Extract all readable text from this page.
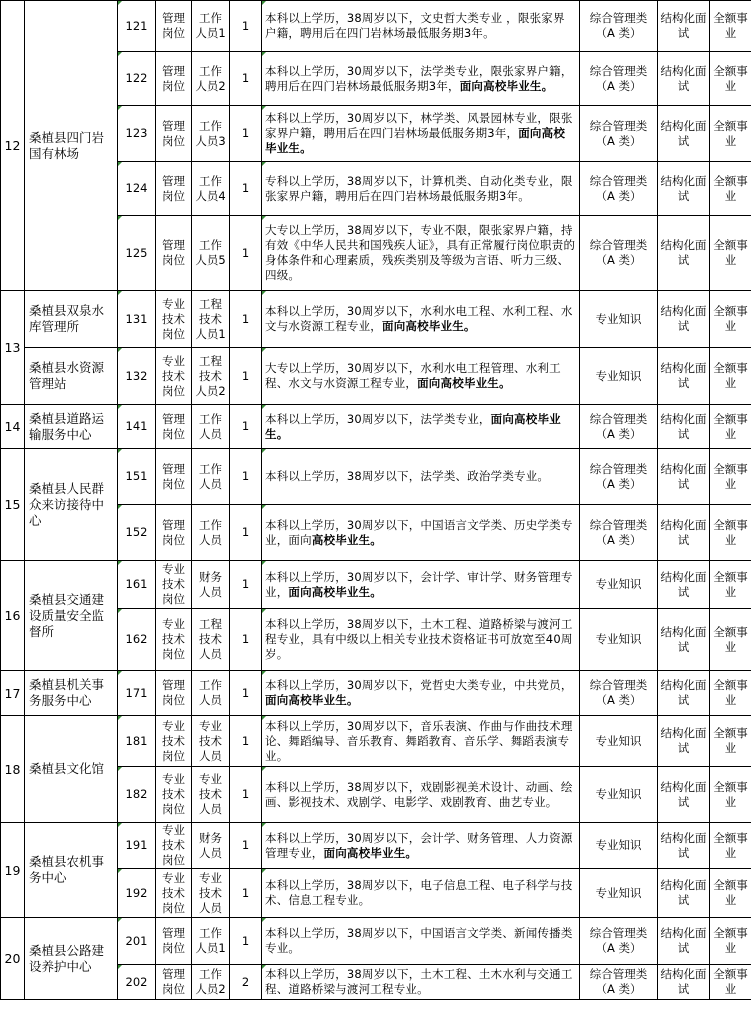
12	桑植县四门岩国有林场	121	管理岗位	工作人员1	1	本科以上学历，38周岁以下，文史哲大类专业 ，限张家界户籍，聘用后在四门岩林场最低服务期3年。	综合管理类（A 类）	结构化面试	全额事业
		122	管理岗位	工作人员2	1	本科以上学历，30周岁以下，法学类专业，限张家界户籍，聘用后在四门岩林场最低服务期3年，面向高校毕业生。	综合管理类（A 类）	结构化面试	全额事业
		123	管理岗位	工作人员3	1	本科以上学历，30周岁以下，林学类、风景园林专业，限张家界户籍，聘用后在四门岩林场最低服务期3年，面向高校毕业生。	综合管理类（A 类）	结构化面试	全额事业
		124	管理岗位	工作人员4	1	专科以上学历，38周岁以下，计算机类、自动化类专业，限张家界户籍，聘用后在四门岩林场最低服务期3年。	综合管理类（A 类）	结构化面试	全额事业
		125	管理岗位	工作人员5	1	大专以上学历，38周岁以下，专业不限，限张家界户籍，持有效《中华人民共和国残疾人证》，具有正常履行岗位职责的身体条件和心理素质，残疾类别及等级为言语、听力三级、四级。	综合管理类（A 类）	结构化面试	全额事业
13	桑植县双泉水库管理所	131	专业技术岗位	工程技术人员1	1	本科以上学历，30周岁以下，水利水电工程、水利工程、水文与水资源工程专业，面向高校毕业生。	专业知识	结构化面试	全额事业
	桑植县水资源管理站	132	专业技术岗位	工程技术人员2	1	大专以上学历，30周岁以下，水利水电工程管理、水利工程、水文与水资源工程专业，面向高校毕业生。	专业知识	结构化面试	全额事业
14	桑植县道路运输服务中心	141	管理岗位	工作人员	1	本科以上学历，30周岁以下，法学类专业，面向高校毕业生。	综合管理类（A 类）	结构化面试	全额事业
15	桑植县人民群众来访接待中心	151	管理岗位	工作人员	1	本科以上学历，38周岁以下，法学类、政治学类专业。	综合管理类（A 类）	结构化面试	全额事业
		152	管理岗位	工作人员	1	本科以上学历，30周岁以下，中国语言文学类、历史学类专业，面向高校毕业生。	综合管理类（A 类）	结构化面试	全额事业
16	桑植县交通建设质量安全监督所	161	专业技术岗位	财务人员	1	本科以上学历，30周岁以下，会计学、审计学、财务管理专业，面向高校毕业生。	专业知识	结构化面试	全额事业
		162	专业技术岗位	工程技术人员	1	本科以上学历，38周岁以下，土木工程、道路桥梁与渡河工程专业，具有中级以上相关专业技术资格证书可放宽至40周岁。	专业知识	结构化面试	全额事业
17	桑植县机关事务服务中心	171	管理岗位	工作人员	1	本科以上学历，30周岁以下，党哲史大类专业，中共党员，面向高校毕业生。	综合管理类（A 类）	结构化面试	全额事业
18	桑植县文化馆	181	专业技术岗位	专业技术人员	1	本科以上学历，30周岁以下，音乐表演、作曲与作曲技术理论、舞蹈编导、音乐教育、舞蹈教育、音乐学、舞蹈表演专业。	专业知识	结构化面试	全额事业
		182	专业技术岗位	专业技术人员	1	本科以上学历，38周岁以下，戏剧影视美术设计、动画、绘画、影视技术、戏剧学、电影学、戏剧教育、曲艺专业。	专业知识	结构化面试	全额事业
19	桑植县农机事务中心	191	专业技术岗位	财务人员	1	本科以上学历，30周岁以下，会计学、财务管理、人力资源管理专业，面向高校毕业生。	专业知识	结构化面试	全额事业
		192	专业技术岗位	专业技术人员	1	本科以上学历，38周岁以下，电子信息工程、电子科学与技术、信息工程专业。	专业知识	结构化面试	全额事业
20	桑植县公路建设养护中心	201	管理岗位	工作人员1	1	本科以上学历，38周岁以下，中国语言文学类、新闻传播类专业。	综合管理类（A 类）	结构化面试	全额事业
		202	管理岗位	工作人员2	2	本科以上学历，38周岁以下，土木工程、土木水利与交通工程、道路桥梁与渡河工程专业。	综合管理类（A 类）	结构化面试	全额事业
